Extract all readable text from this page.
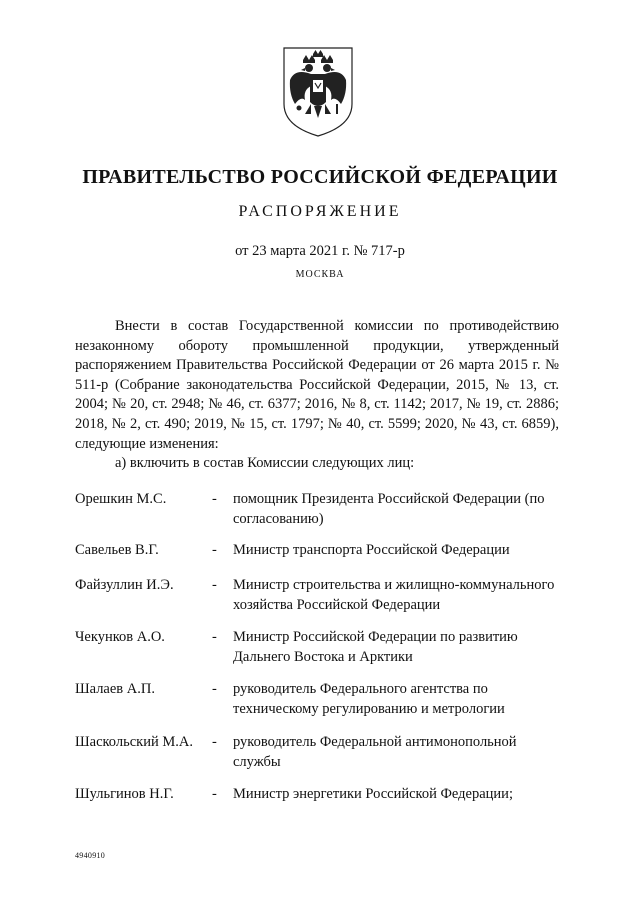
ПРАВИТЕЛЬСТВО РОССИЙСКОЙ ФЕДЕРАЦИИ
РАСПОРЯЖЕНИЕ
от 23 марта 2021 г. № 717-р
МОСКВА
Внести в состав Государственной комиссии по противодействию незаконному обороту промышленной продукции, утвержденный распоряжением Правительства Российской Федерации от 26 марта 2015 г. № 511-р (Собрание законодательства Российской Федерации, 2015, № 13, ст. 2004; № 20, ст. 2948; № 46, ст. 6377; 2016, № 8, ст. 1142; 2017, № 19, ст. 2886; 2018, № 2, ст. 490; 2019, № 15, ст. 1797; № 40, ст. 5599; 2020, № 43, ст. 6859), следующие изменения:
а) включить в состав Комиссии следующих лиц:
Орешкин М.С.	- помощник Президента Российской Федерации (по согласованию)
Савельев В.Г.	- Министр транспорта Российской Федерации
Файзуллин И.Э.	- Министр строительства и жилищно-коммунального хозяйства Российской Федерации
Чекунков А.О.	- Министр Российской Федерации по развитию Дальнего Востока и Арктики
Шалаев А.П.	- руководитель Федерального агентства по техническому регулированию и метрологии
Шаскольский М.А. - руководитель Федеральной антимонопольной службы
Шульгинов Н.Г.	- Министр энергетики Российской Федерации;
4940910
